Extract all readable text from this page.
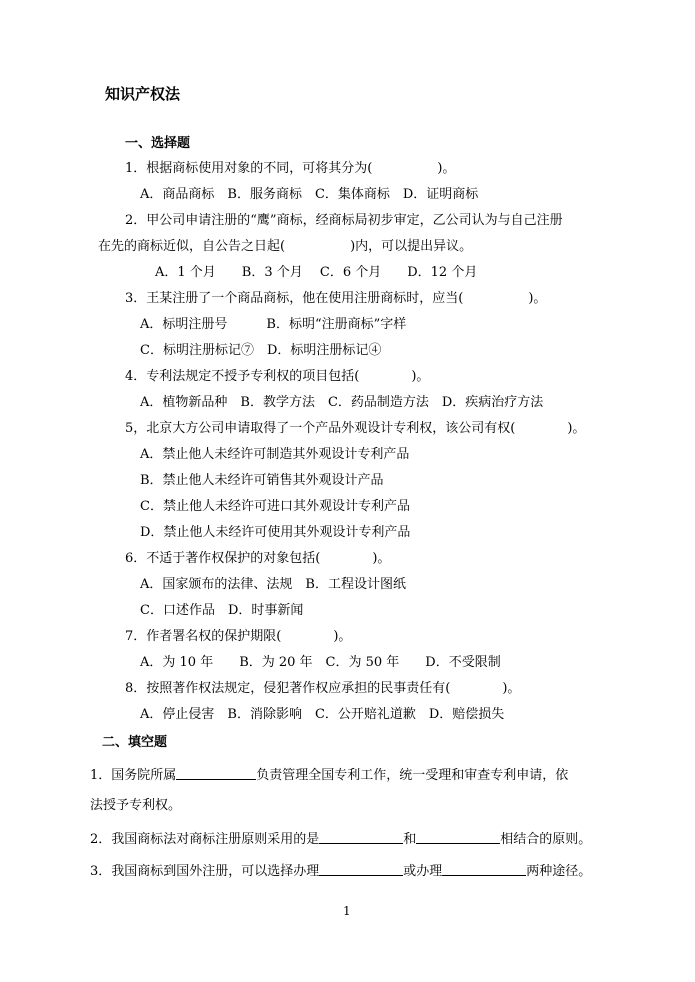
知识产权法
一、选择题
1．根据商标使用对象的不同，可将其分为(　　　　　)。
A．商品商标　B．服务商标　C．集体商标　D．证明商标
2．甲公司申请注册的“鹰”商标，经商标局初步审定，乙公司认为与自己注册
在先的商标近似，自公告之日起(　　　　　)内，可以提出异议。
A．1 个月　　B．3 个月　 C．6 个月　　D．12 个月
3．王某注册了一个商品商标，他在使用注册商标时，应当(　　　　　)。
A．标明注册号　　　B．标明“注册商标”字样
C．标明注册标记⑦　D．标明注册标记④
4．专利法规定不授予专利权的项目包括(　　　　)。
A．植物新品种　B．教学方法　C．药品制造方法　D．疾病治疗方法
5，北京大方公司申请取得了一个产品外观设计专利权，该公司有权(　　　　)。
A．禁止他人未经许可制造其外观设计专利产品
B．禁止他人未经许可销售其外观设计产品
C．禁止他人未经许可进口其外观设计专利产品
D．禁止他人未经许可使用其外观设计专利产品
6．不适于著作权保护的对象包括(　　　　)。
A．国家颁布的法律、法规　B．工程设计图纸
C．口述作品　D．时事新闻
7．作者署名权的保护期限(　　　　)。
A．为 10 年　　B．为 20 年　C．为 50 年　　D．不受限制
8．按照著作权法规定，侵犯著作权应承担的民事责任有(　　　　)。
A．停止侵害　B．消除影响　C．公开赔礼道歉　D．赔偿损失
二、填空题
1．国务院所属	负责管理全国专利工作，统一受理和审查专利申请，依
法授予专利权。
2．我国商标法对商标注册原则采用的是	和	相结合的原则。
3．我国商标到国外注册，可以选择办理	或办理	两种途径。
1
